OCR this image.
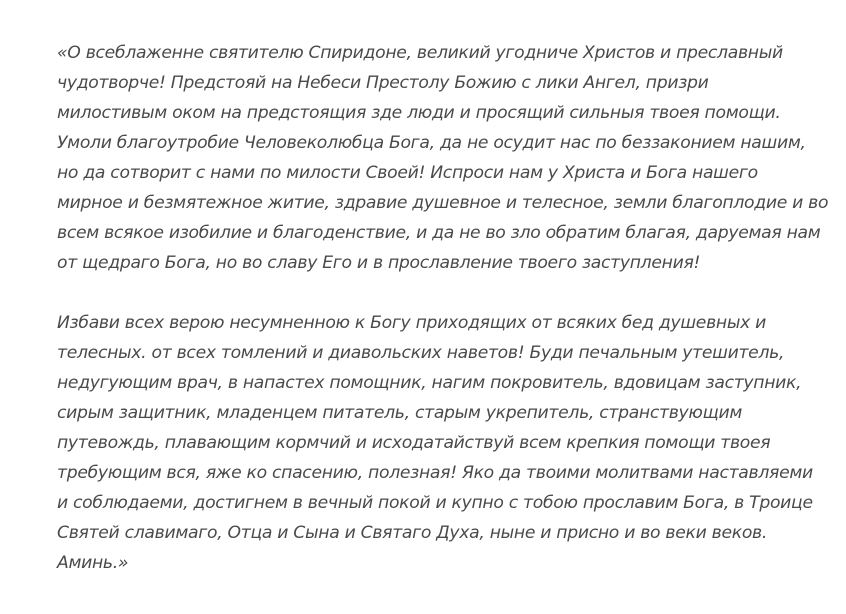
«О всеблаженне святителю Спиридоне, великий угодниче Христов и преславный
чудотворче! Предстояй на Небеси Престолу Божию с лики Ангел, призри
милостивым оком на предстоящия зде люди и просящий сильныя твоея помощи.
Умоли благоутробие Человеколюбца Бога, да не осудит нас по беззаконием нашим,
но да сотворит с нами по милости Своей! Испроси нам у Христа и Бога нашего
мирное и безмятежное житие, здравие душевное и телесное, земли благоплодие и во
всем всякое изобилие и благоденствие, и да не во зло обратим благая, даруемая нам
от щедраго Бога, но во славу Его и в прославление твоего заступления!

Избави всех верою несумненною к Богу приходящих от всяких бед душевных и
телесных. от всех томлений и диавольских наветов! Буди печальным утешитель,
недугующим врач, в напастех помощник, нагим покровитель, вдовицам заступник,
сирым защитник, младенцем питатель, старым укрепитель, странствующим
путевождь, плавающим кормчий и исходатайствуй всем крепкия помощи твоея
требующим вся, яже ко спасению, полезная! Яко да твоими молитвами наставляеми
и соблюдаеми, достигнем в вечный покой и купно с тобою прославим Бога, в Троице
Святей славимаго, Отца и Сына и Святаго Духа, ныне и присно и во веки веков.
Аминь.»
